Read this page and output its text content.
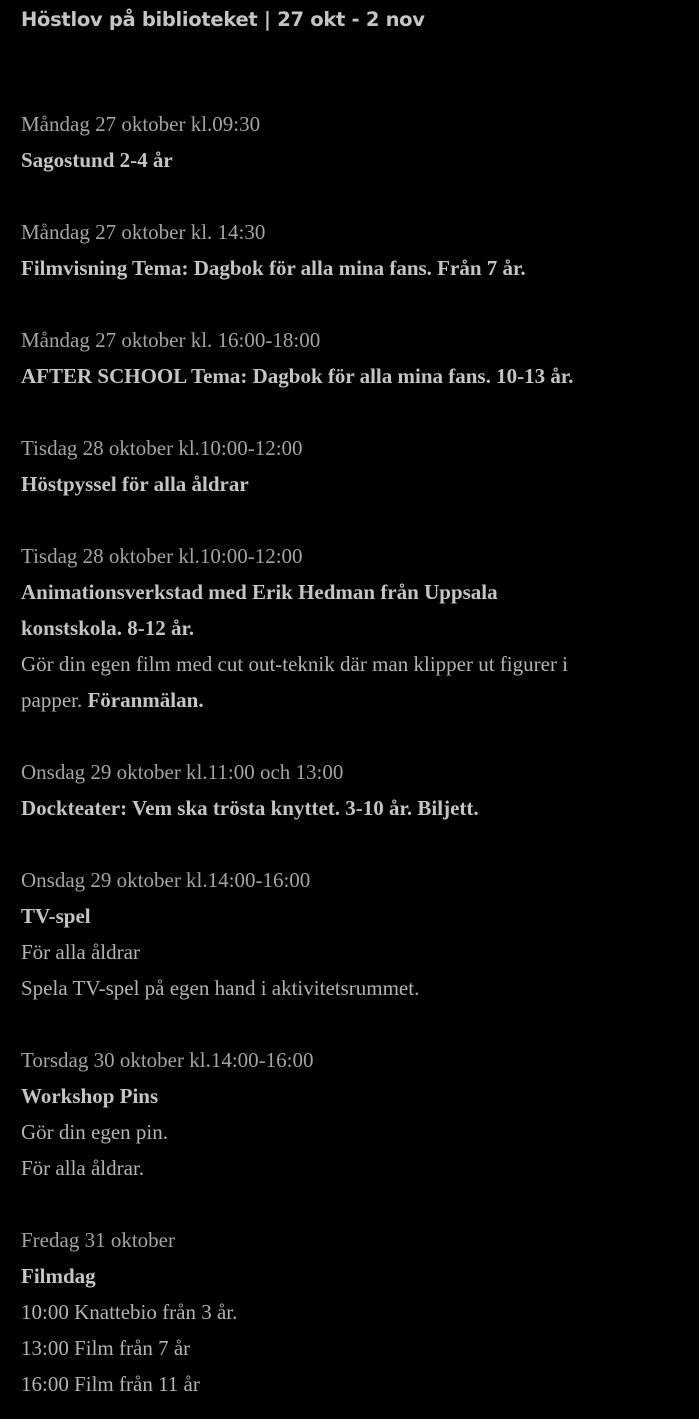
Höstlov på biblioteket | 27 okt - 2 nov
Måndag 27 oktober kl.09:30
Sagostund 2-4 år
Måndag 27 oktober kl. 14:30
Filmvisning Tema: Dagbok för alla mina fans. Från 7 år.
Måndag 27 oktober kl. 16:00-18:00
AFTER SCHOOL Tema: Dagbok för alla mina fans. 10-13 år.
Tisdag 28 oktober kl.10:00-12:00
Höstpyssel för alla åldrar
Tisdag 28 oktober kl.10:00-12:00
Animationsverkstad med Erik Hedman från Uppsala
konstskola. 8-12 år.
Gör din egen film med cut out-teknik där man klipper ut figurer i
papper. Föranmälan.
Onsdag 29 oktober kl.11:00 och 13:00
Dockteater: Vem ska trösta knyttet. 3-10 år. Biljett.
Onsdag 29 oktober kl.14:00-16:00
TV-spel
För alla åldrar
Spela TV-spel på egen hand i aktivitetsrummet.
Torsdag 30 oktober kl.14:00-16:00
Workshop Pins
Gör din egen pin.
För alla åldrar.
Fredag 31 oktober
Filmdag
10:00 Knattebio från 3 år.
13:00 Film från 7 år
16:00 Film från 11 år
